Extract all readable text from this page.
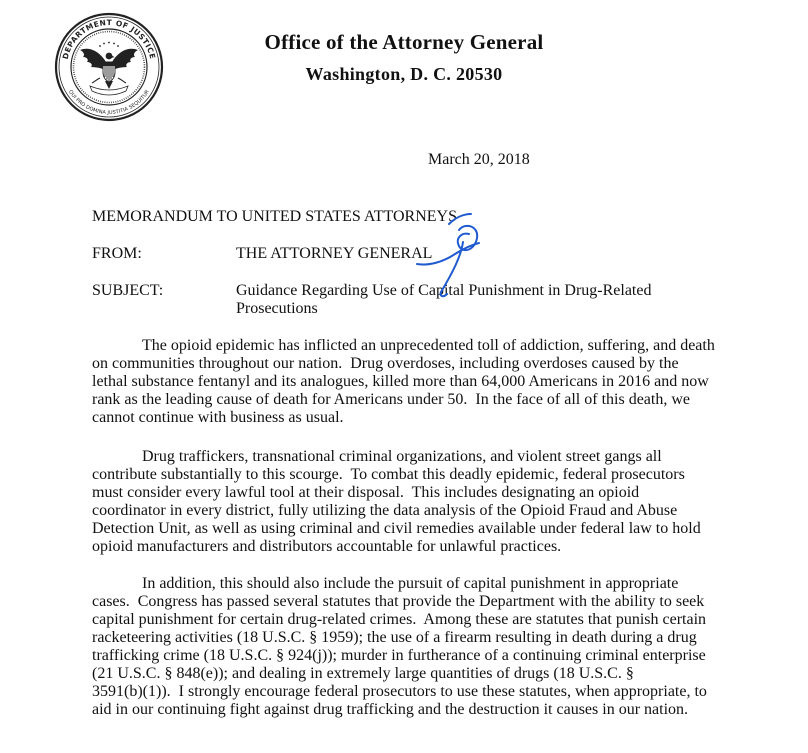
DEPARTMENT OF JUSTICE
QUI PRO DOMINA JUSTITIA SEQUITUR
Office of the Attorney General
Washington, D. C. 20530
March 20, 2018
MEMORANDUM TO UNITED STATES ATTORNEYS
FROM:	THE ATTORNEY GENERAL
SUBJECT:	Guidance Regarding Use of Capital Punishment in Drug-Related
Prosecutions
The opioid epidemic has inflicted an unprecedented toll of addiction, suffering, and death
on communities throughout our nation.  Drug overdoses, including overdoses caused by the
lethal substance fentanyl and its analogues, killed more than 64,000 Americans in 2016 and now
rank as the leading cause of death for Americans under 50.  In the face of all of this death, we
cannot continue with business as usual.
Drug traffickers, transnational criminal organizations, and violent street gangs all
contribute substantially to this scourge.  To combat this deadly epidemic, federal prosecutors
must consider every lawful tool at their disposal.  This includes designating an opioid
coordinator in every district, fully utilizing the data analysis of the Opioid Fraud and Abuse
Detection Unit, as well as using criminal and civil remedies available under federal law to hold
opioid manufacturers and distributors accountable for unlawful practices.
In addition, this should also include the pursuit of capital punishment in appropriate
cases.  Congress has passed several statutes that provide the Department with the ability to seek
capital punishment for certain drug-related crimes.  Among these are statutes that punish certain
racketeering activities (18 U.S.C. § 1959); the use of a firearm resulting in death during a drug
trafficking crime (18 U.S.C. § 924(j)); murder in furtherance of a continuing criminal enterprise
(21 U.S.C. § 848(e)); and dealing in extremely large quantities of drugs (18 U.S.C. §
3591(b)(1)).  I strongly encourage federal prosecutors to use these statutes, when appropriate, to
aid in our continuing fight against drug trafficking and the destruction it causes in our nation.
